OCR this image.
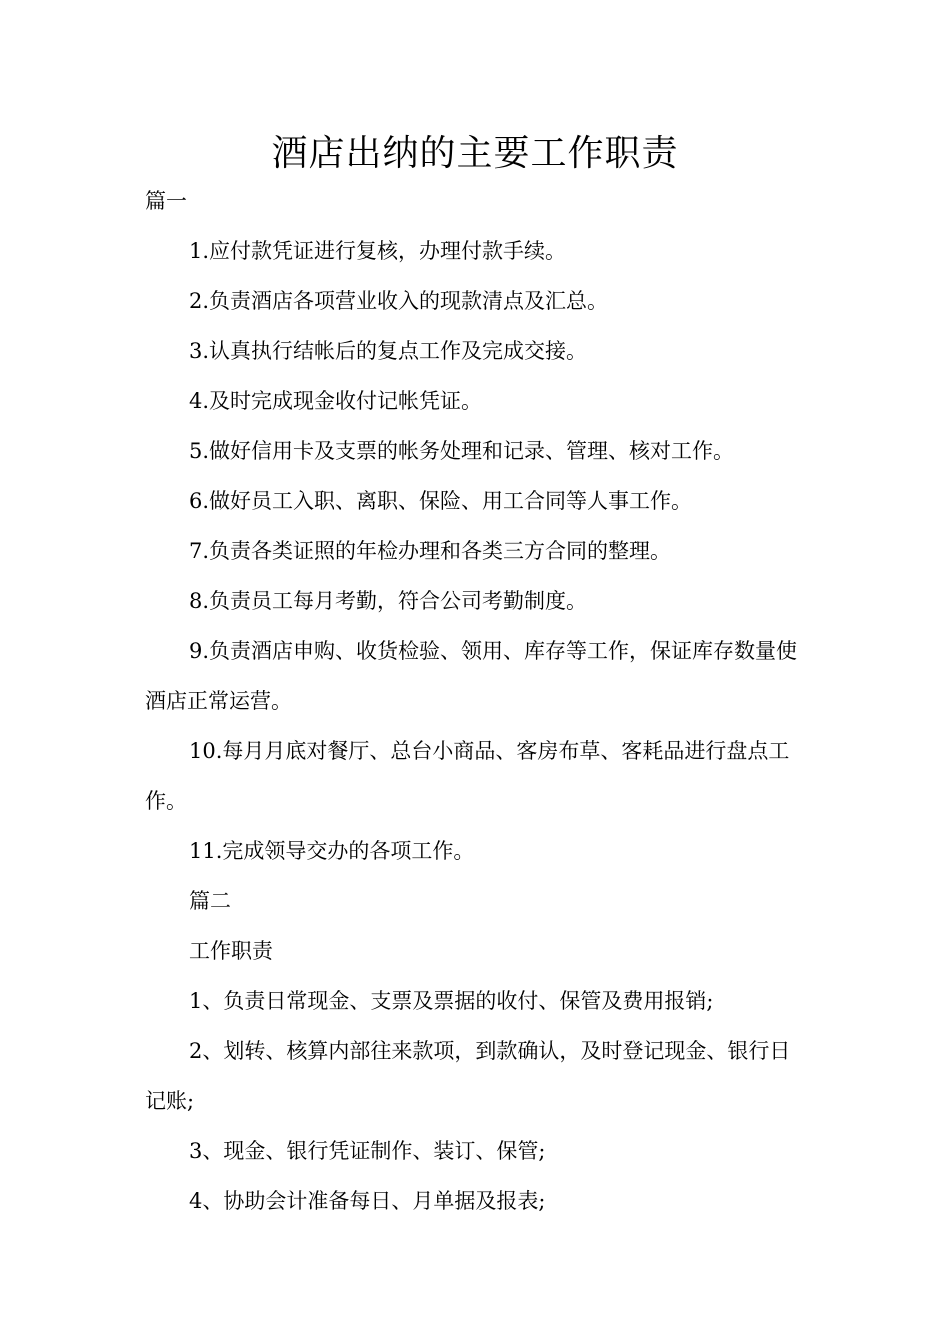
酒店出纳的主要工作职责

篇一

1.应付款凭证进行复核，办理付款手续。

2.负责酒店各项营业收入的现款清点及汇总。

3.认真执行结帐后的复点工作及完成交接。

4.及时完成现金收付记帐凭证。

5.做好信用卡及支票的帐务处理和记录、管理、核对工作。

6.做好员工入职、离职、保险、用工合同等人事工作。

7.负责各类证照的年检办理和各类三方合同的整理。

8.负责员工每月考勤，符合公司考勤制度。

9.负责酒店申购、收货检验、领用、库存等工作，保证库存数量使酒店正常运营。

10.每月月底对餐厅、总台小商品、客房布草、客耗品进行盘点工作。

11.完成领导交办的各项工作。

篇二

工作职责

1、负责日常现金、支票及票据的收付、保管及费用报销;

2、划转、核算内部往来款项，到款确认，及时登记现金、银行日记账;

3、现金、银行凭证制作、装订、保管;

4、协助会计准备每日、月单据及报表;
